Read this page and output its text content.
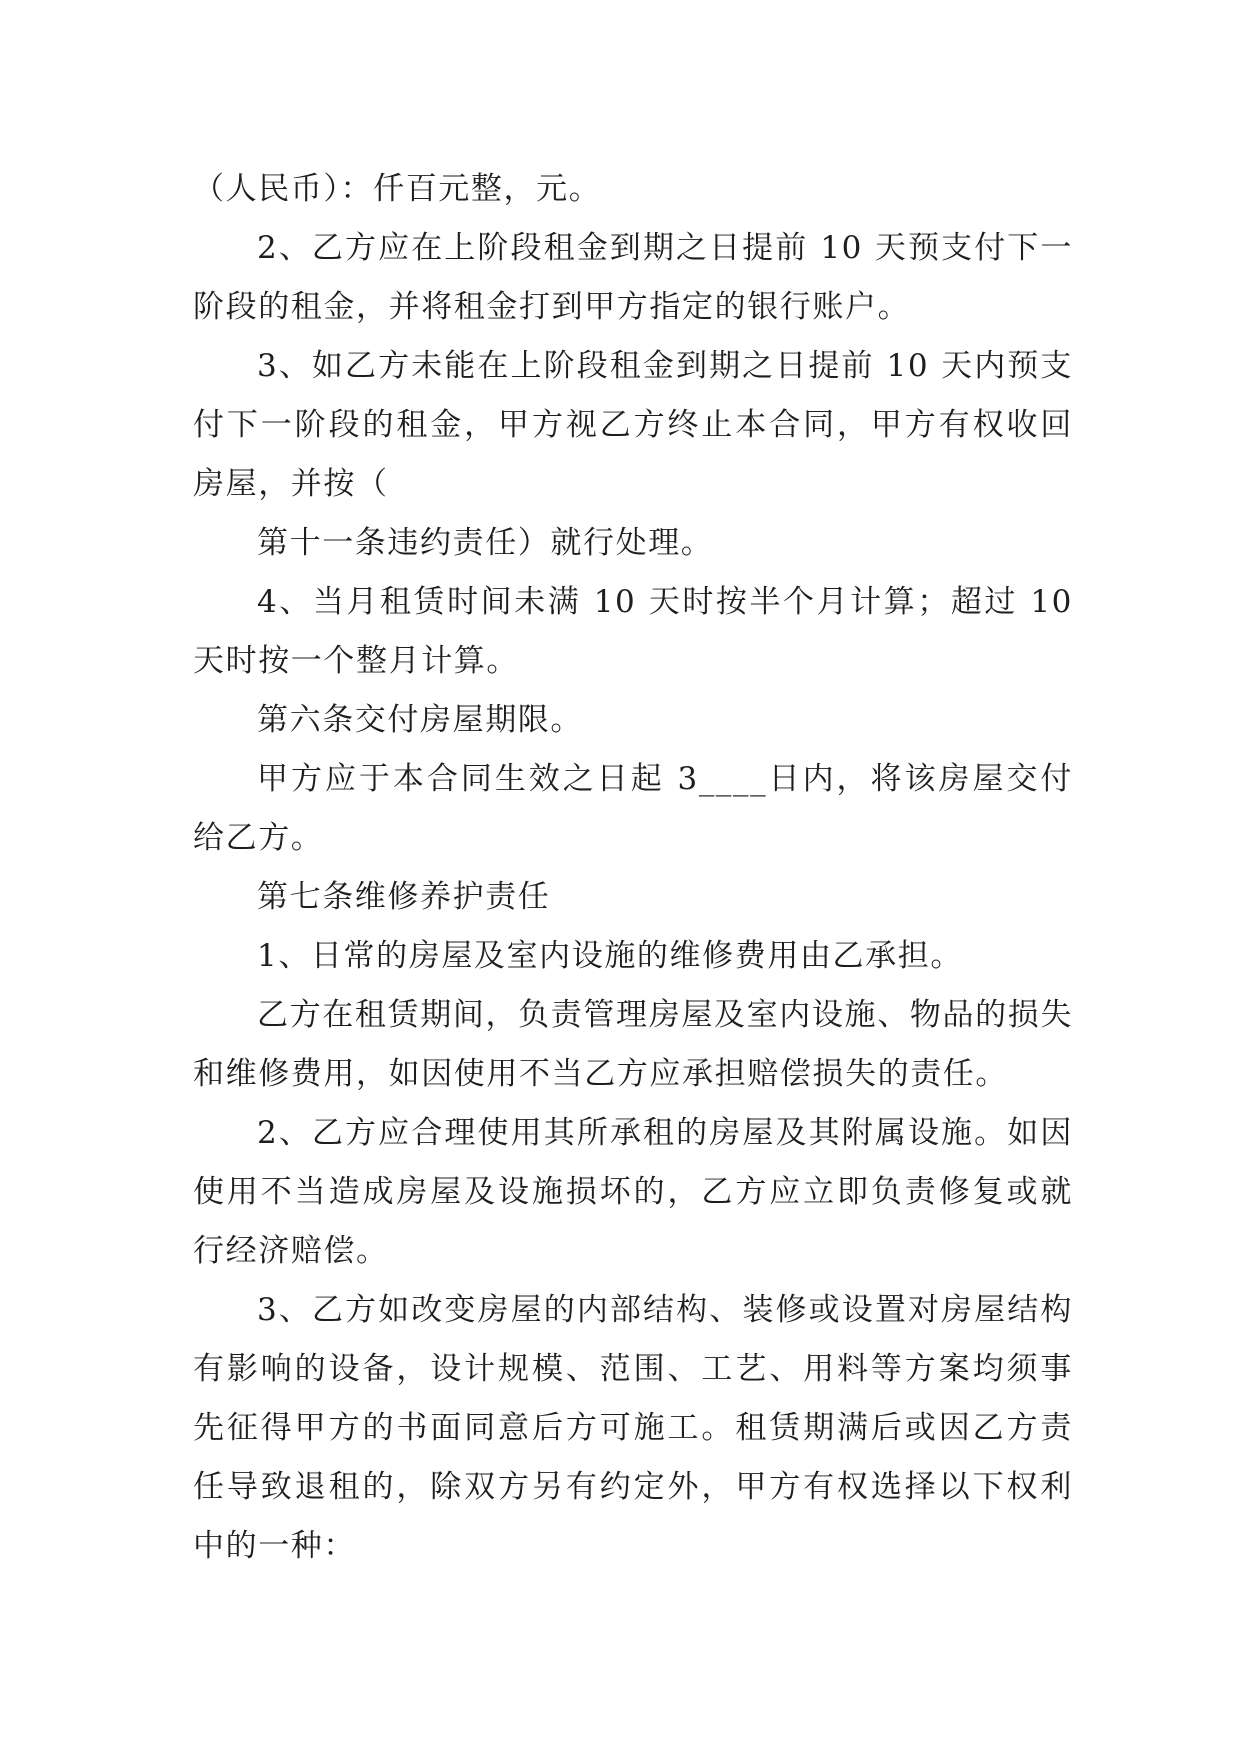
（人民币）：仟百元整，元。

2、乙方应在上阶段租金到期之日提前 10 天预支付下一阶段的租金，并将租金打到甲方指定的银行账户。

3、如乙方未能在上阶段租金到期之日提前 10 天内预支付下一阶段的租金，甲方视乙方终止本合同，甲方有权收回房屋，并按（

第十一条违约责任）就行处理。

4、当月租赁时间未满 10 天时按半个月计算；超过 10 天时按一个整月计算。

第六条交付房屋期限。

甲方应于本合同生效之日起 3____日内，将该房屋交付给乙方。

第七条维修养护责任

1、日常的房屋及室内设施的维修费用由乙承担。

乙方在租赁期间，负责管理房屋及室内设施、物品的损失和维修费用，如因使用不当乙方应承担赔偿损失的责任。

2、乙方应合理使用其所承租的房屋及其附属设施。如因使用不当造成房屋及设施损坏的，乙方应立即负责修复或就行经济赔偿。

3、乙方如改变房屋的内部结构、装修或设置对房屋结构有影响的设备，设计规模、范围、工艺、用料等方案均须事先征得甲方的书面同意后方可施工。租赁期满后或因乙方责任导致退租的，除双方另有约定外，甲方有权选择以下权利中的一种：
